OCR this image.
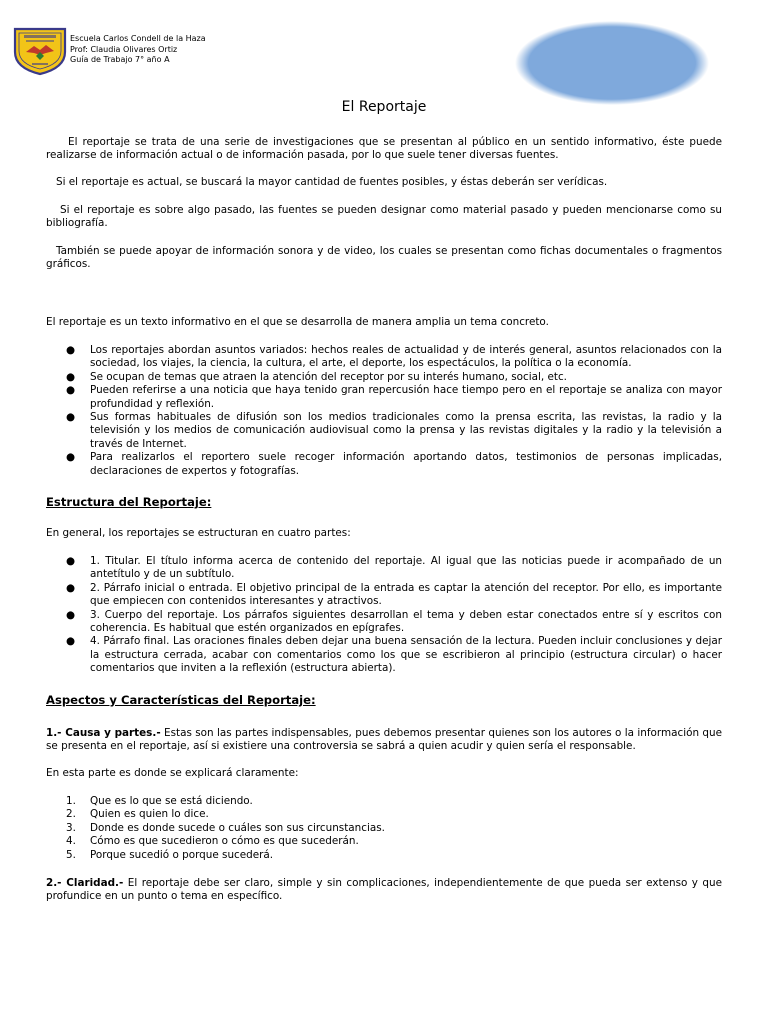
Escuela Carlos Condell de la Haza
Prof: Claudia Olivares Ortiz
Guía de Trabajo 7° año A
El Reportaje
El reportaje se trata de una serie de investigaciones que se presentan al público en un sentido informativo, éste puede realizarse de información actual o de información pasada, por lo que suele tener diversas fuentes.
Si el reportaje es actual, se buscará la mayor cantidad de fuentes posibles, y éstas deberán ser verídicas.
Si el reportaje es sobre algo pasado, las fuentes se pueden designar como material pasado y pueden mencionarse como su bibliografía.
También se puede apoyar de información sonora y de video, los cuales se presentan como fichas documentales o fragmentos gráficos.
El reportaje es un texto informativo en el que se desarrolla de manera amplia un tema concreto.
● Los reportajes abordan asuntos variados: hechos reales de actualidad y de interés general, asuntos relacionados con la sociedad, los viajes, la ciencia, la cultura, el arte, el deporte, los espectáculos, la política o la economía.
● Se ocupan de temas que atraen la atención del receptor por su interés humano, social, etc.
● Pueden referirse a una noticia que haya tenido gran repercusión hace tiempo pero en el reportaje se analiza con mayor profundidad y reflexión.
● Sus formas habituales de difusión son los medios tradicionales como la prensa escrita, las revistas, la radio y la televisión y los medios de comunicación audiovisual como la prensa y las revistas digitales y la radio y la televisión a través de Internet.
● Para realizarlos el reportero suele recoger información aportando datos, testimonios de personas implicadas, declaraciones de expertos y fotografías.
Estructura del Reportaje:
En general, los reportajes se estructuran en cuatro partes:
● 1. Titular. El título informa acerca de contenido del reportaje. Al igual que las noticias puede ir acompañado de un antetítulo y de un subtítulo.
● 2. Párrafo inicial o entrada. El objetivo principal de la entrada es captar la atención del receptor. Por ello, es importante que empiecen con contenidos interesantes y atractivos.
● 3. Cuerpo del reportaje. Los párrafos siguientes desarrollan el tema y deben estar conectados entre sí y escritos con coherencia. Es habitual que estén organizados en epígrafes.
● 4. Párrafo final. Las oraciones finales deben dejar una buena sensación de la lectura. Pueden incluir conclusiones y dejar la estructura cerrada, acabar con comentarios como los que se escribieron al principio (estructura circular) o hacer comentarios que inviten a la reflexión (estructura abierta).
Aspectos y Características del Reportaje:
1.- Causa y partes.- Estas son las partes indispensables, pues debemos presentar quienes son los autores o la información que se presenta en el reportaje, así si existiere una controversia se sabrá a quien acudir y quien sería el responsable.
En esta parte es donde se explicará claramente:
1. Que es lo que se está diciendo.
2. Quien es quien lo dice.
3. Donde es donde sucede o cuáles son sus circunstancias.
4. Cómo es que sucedieron o cómo es que sucederán.
5. Porque sucedió o porque sucederá.
2.- Claridad.- El reportaje debe ser claro, simple y sin complicaciones, independientemente de que pueda ser extenso y que profundice en un punto o tema en específico.
